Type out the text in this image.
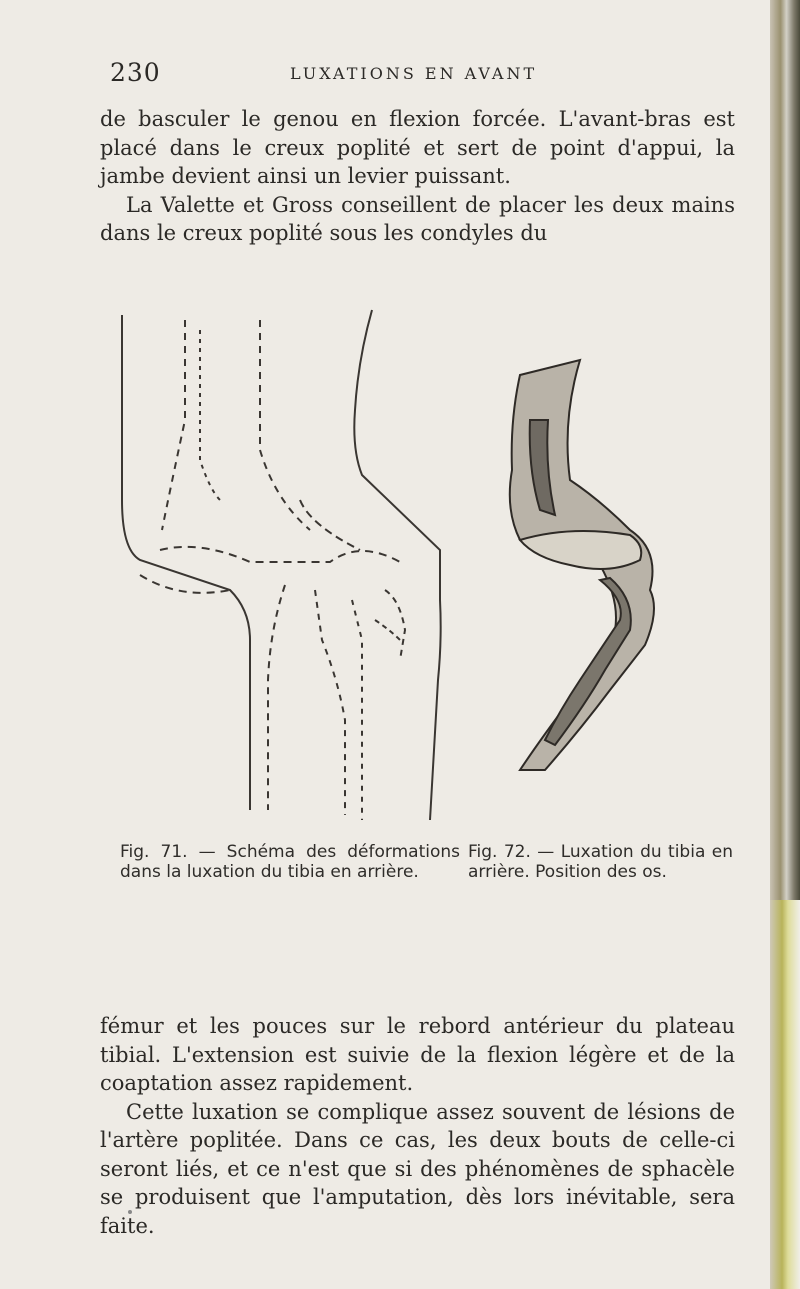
230	LUXATIONS EN AVANT

de basculer le genou en flexion forcée. L'avant-bras est placé dans le creux poplité et sert de point d'appui, la jambe devient ainsi un levier puissant.

La Valette et Gross conseillent de placer les deux mains dans le creux poplité sous les condyles du

Fig. 71. — Schéma des déformations dans la luxation du tibia en arrière.
Fig. 72. — Luxation du tibia en arrière. Position des os.

fémur et les pouces sur le rebord antérieur du plateau tibial. L'extension est suivie de la flexion légère et de la coaptation assez rapidement.

Cette luxation se complique assez souvent de lésions de l'artère poplitée. Dans ce cas, les deux bouts de celle-ci seront liés, et ce n'est que si des phénomènes de sphacèle se produisent que l'amputation, dès lors inévitable, sera faite.
